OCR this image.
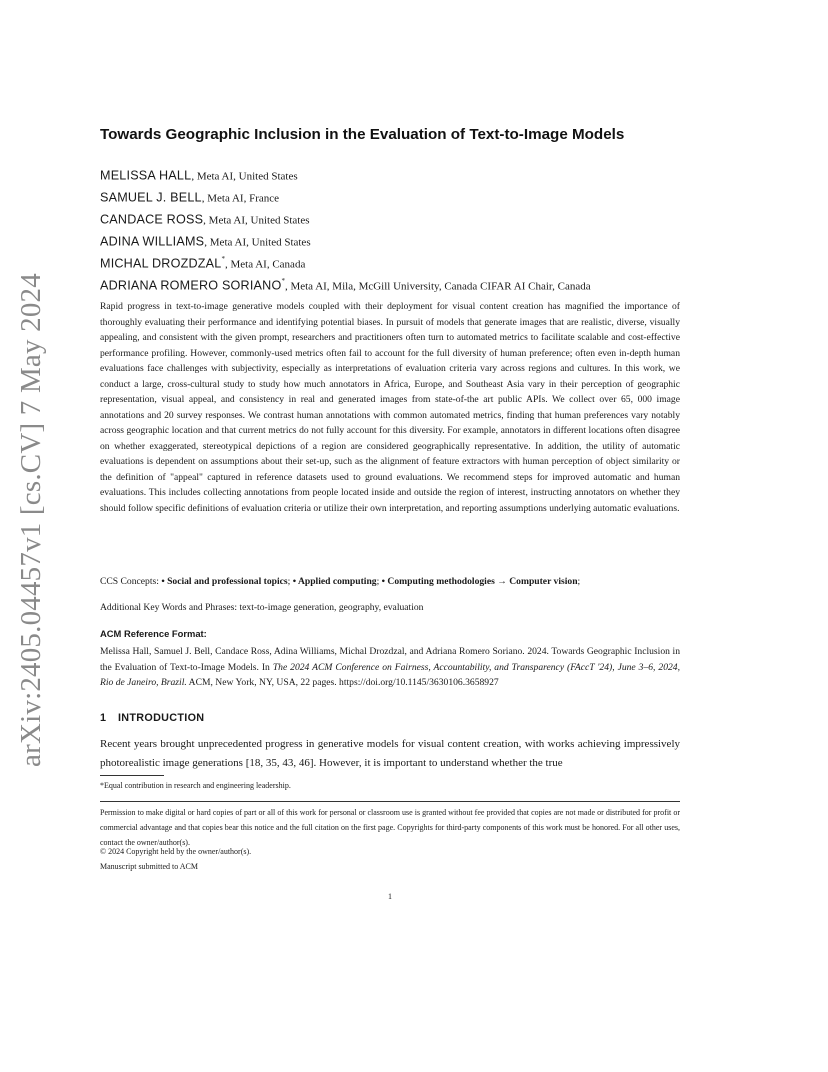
arXiv:2405.04457v1 [cs.CV] 7 May 2024
Towards Geographic Inclusion in the Evaluation of Text-to-Image Models
MELISSA HALL, Meta AI, United States
SAMUEL J. BELL, Meta AI, France
CANDACE ROSS, Meta AI, United States
ADINA WILLIAMS, Meta AI, United States
MICHAL DROZDZAL*, Meta AI, Canada
ADRIANA ROMERO SORIANO*, Meta AI, Mila, McGill University, Canada CIFAR AI Chair, Canada
Rapid progress in text-to-image generative models coupled with their deployment for visual content creation has magnified the importance of thoroughly evaluating their performance and identifying potential biases. In pursuit of models that generate images that are realistic, diverse, visually appealing, and consistent with the given prompt, researchers and practitioners often turn to automated metrics to facilitate scalable and cost-effective performance profiling. However, commonly-used metrics often fail to account for the full diversity of human preference; often even in-depth human evaluations face challenges with subjectivity, especially as interpretations of evaluation criteria vary across regions and cultures. In this work, we conduct a large, cross-cultural study to study how much annotators in Africa, Europe, and Southeast Asia vary in their perception of geographic representation, visual appeal, and consistency in real and generated images from state-of-the art public APIs. We collect over 65, 000 image annotations and 20 survey responses. We contrast human annotations with common automated metrics, finding that human preferences vary notably across geographic location and that current metrics do not fully account for this diversity. For example, annotators in different locations often disagree on whether exaggerated, stereotypical depictions of a region are considered geographically representative. In addition, the utility of automatic evaluations is dependent on assumptions about their set-up, such as the alignment of feature extractors with human perception of object similarity or the definition of "appeal" captured in reference datasets used to ground evaluations. We recommend steps for improved automatic and human evaluations. This includes collecting annotations from people located inside and outside the region of interest, instructing annotators on whether they should follow specific definitions of evaluation criteria or utilize their own interpretation, and reporting assumptions underlying automatic evaluations.
CCS Concepts: • Social and professional topics; • Applied computing; • Computing methodologies → Computer vision;
Additional Key Words and Phrases: text-to-image generation, geography, evaluation
ACM Reference Format:
Melissa Hall, Samuel J. Bell, Candace Ross, Adina Williams, Michal Drozdzal, and Adriana Romero Soriano. 2024. Towards Geographic Inclusion in the Evaluation of Text-to-Image Models. In The 2024 ACM Conference on Fairness, Accountability, and Transparency (FAccT '24), June 3–6, 2024, Rio de Janeiro, Brazil. ACM, New York, NY, USA, 22 pages. https://doi.org/10.1145/3630106.3658927
1 INTRODUCTION
Recent years brought unprecedented progress in generative models for visual content creation, with works achieving impressively photorealistic image generations [18, 35, 43, 46]. However, it is important to understand whether the true
*Equal contribution in research and engineering leadership.
Permission to make digital or hard copies of part or all of this work for personal or classroom use is granted without fee provided that copies are not made or distributed for profit or commercial advantage and that copies bear this notice and the full citation on the first page. Copyrights for third-party components of this work must be honored. For all other uses, contact the owner/author(s).
© 2024 Copyright held by the owner/author(s).
Manuscript submitted to ACM
1
